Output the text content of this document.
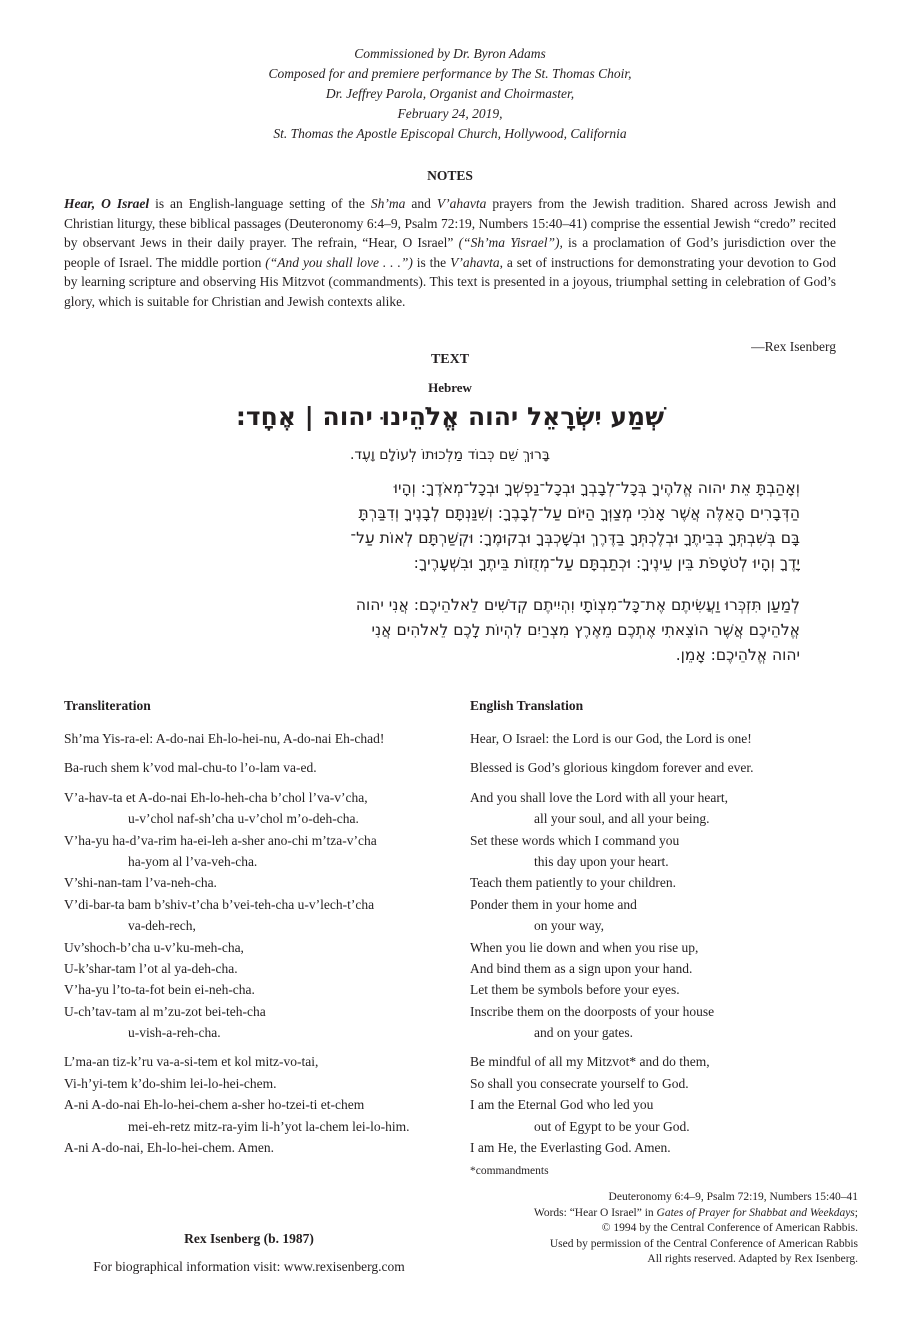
Commissioned by Dr. Byron Adams
Composed for and premiere performance by The St. Thomas Choir,
Dr. Jeffrey Parola, Organist and Choirmaster,
February 24, 2019,
St. Thomas the Apostle Episcopal Church, Hollywood, California
NOTES
Hear, O Israel is an English-language setting of the Sh’ma and V’ahavta prayers from the Jewish tradition. Shared across Jewish and Christian liturgy, these biblical passages (Deuteronomy 6:4–9, Psalm 72:19, Numbers 15:40–41) comprise the essential Jewish “credo” recited by observant Jews in their daily prayer. The refrain, “Hear, O Israel” (“Sh’ma Yisrael”), is a proclamation of God’s jurisdiction over the people of Israel. The middle portion (“And you shall love . . .”) is the V’ahavta, a set of instructions for demonstrating your devotion to God by learning scripture and observing His Mitzvot (commandments). This text is presented in a joyous, triumphal setting in celebration of God’s glory, which is suitable for Christian and Jewish contexts alike.
—Rex Isenberg
TEXT
Hebrew
שְׁמַע יִשְׂרָאֵל יהוה אֱלֹהֵינוּ יהוה | אֶחָד:
בָּרוּךְ שֵׁם כְּבוֹד מַלְכוּתוֹ לְעוֹלָם וָעֶד.
וְאָהַבְתָּ אֵת יהוה אֱלֹהֶיךָ בְּכָל־לְבָבְךָ וּבְכָל־נַפְשְׁךָ וּבְכָל־מְאֹדֶךָ: וְהָיוּ
הַדְּבָרִים הָאֵלֶּה אֲשֶׁר אָנֹכִי מְצַוְּךָ הַיּוֹם עַל־לְבָבֶךָ: וְשִׁנַּנְתָּם לְבָנֶיךָ וְדִבַּרְתָּ
בָּם בְּשִׁבְתְּךָ בְּבֵיתֶךָ וּבְלֶכְתְּךָ בַדֶּרֶךְ וּבְשָׁכְבְּךָ וּבְקוּמֶךָ: וּקְשַׁרְתָּם לְאוֹת עַל־
יָדֶךָ וְהָיוּ לְטֹטָפֹת בֵּין עֵינֶיךָ: וּכְתַבְתָּם עַל־מְזֻזוֹת בֵּיתֶךָ וּבִשְׁעָרֶיךָ:
לְמַעַן תִּזְכְּרוּ וַעֲשִׂיתֶם אֶת־כָּל־מִצְוֹתָי וִהְיִיתֶם קְדֹשִׁים לֵאלֹהֵיכֶם: אֲנִי יהוה
אֱלֹהֵיכֶם אֲשֶׁר הוֹצֵאתִי אֶתְכֶם מֵאֶרֶץ מִצְרַיִם לִהְיוֹת לָכֶם לֵאלֹהִים אֲנִי
יהוה אֱלֹהֵיכֶם: אָמֵן.
Transliteration	English Translation
Sh’ma Yis-ra-el: A-do-nai Eh-lo-hei-nu, A-do-nai Eh-chad!
Ba-ruch shem k’vod mal-chu-to l’o-lam va-ed.
V’a-hav-ta et A-do-nai Eh-lo-heh-cha b’chol l’va-v’cha,
u-v’chol naf-sh’cha u-v’chol m’o-deh-cha.
V’ha-yu ha-d’va-rim ha-ei-leh a-sher ano-chi m’tza-v’cha
ha-yom al l’va-veh-cha.
V’shi-nan-tam l’va-neh-cha.
V’di-bar-ta bam b’shiv-t’cha b’vei-teh-cha u-v’lech-t’cha
va-deh-rech,
Uv’shoch-b’cha u-v’ku-meh-cha,
U-k’shar-tam l’ot al ya-deh-cha.
V’ha-yu l’to-ta-fot bein ei-neh-cha.
U-ch’tav-tam al m’zu-zot bei-teh-cha
u-vish-a-reh-cha.
L’ma-an tiz-k’ru va-a-si-tem et kol mitz-vo-tai,
Vi-h’yi-tem k’do-shim lei-lo-hei-chem.
A-ni A-do-nai Eh-lo-hei-chem a-sher ho-tzei-ti et-chem
mei-eh-retz mitz-ra-yim li-h’yot la-chem lei-lo-him.
A-ni A-do-nai, Eh-lo-hei-chem. Amen.
Hear, O Israel: the Lord is our God, the Lord is one!
Blessed is God’s glorious kingdom forever and ever.
And you shall love the Lord with all your heart,
all your soul, and all your being.
Set these words which I command you
this day upon your heart.
Teach them patiently to your children.
Ponder them in your home and
on your way,
When you lie down and when you rise up,
And bind them as a sign upon your hand.
Let them be symbols before your eyes.
Inscribe them on the doorposts of your house
and on your gates.
Be mindful of all my Mitzvot* and do them,
So shall you consecrate yourself to God.
I am the Eternal God who led you
out of Egypt to be your God.
I am He, the Everlasting God. Amen.
*commandments
Deuteronomy 6:4–9, Psalm 72:19, Numbers 15:40–41
Words: “Hear O Israel” in Gates of Prayer for Shabbat and Weekdays;
© 1994 by the Central Conference of American Rabbis.
Used by permission of the Central Conference of American Rabbis
All rights reserved. Adapted by Rex Isenberg.
Rex Isenberg (b. 1987)
For biographical information visit: www.rexisenberg.com
